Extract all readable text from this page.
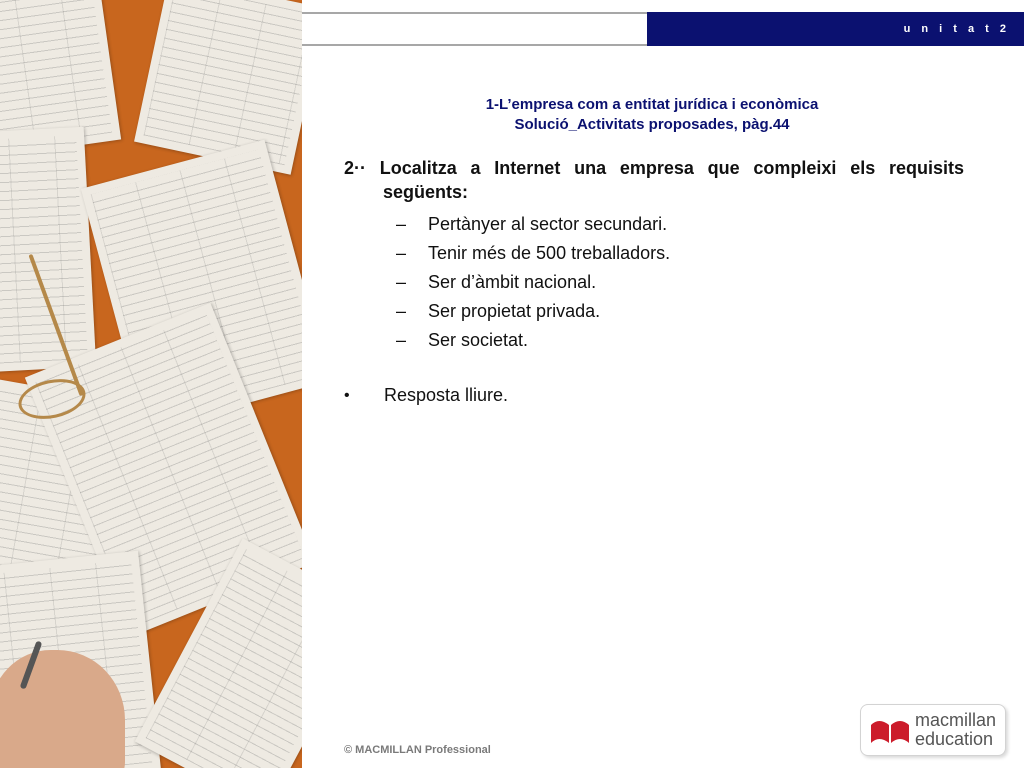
u n i t a t 2
1-L’empresa com a entitat jurídica i econòmica
Solució_Activitats proposades, pàg.44
2·· Localitza a Internet una empresa que compleixi els requisits següents:
–	Pertànyer al sector secundari.
–	Tenir més de 500 treballadors.
–	Ser d’àmbit nacional.
–	Ser propietat privada.
–	Ser societat.
•	Resposta lliure.
© MACMILLAN Professional
macmillan
education
